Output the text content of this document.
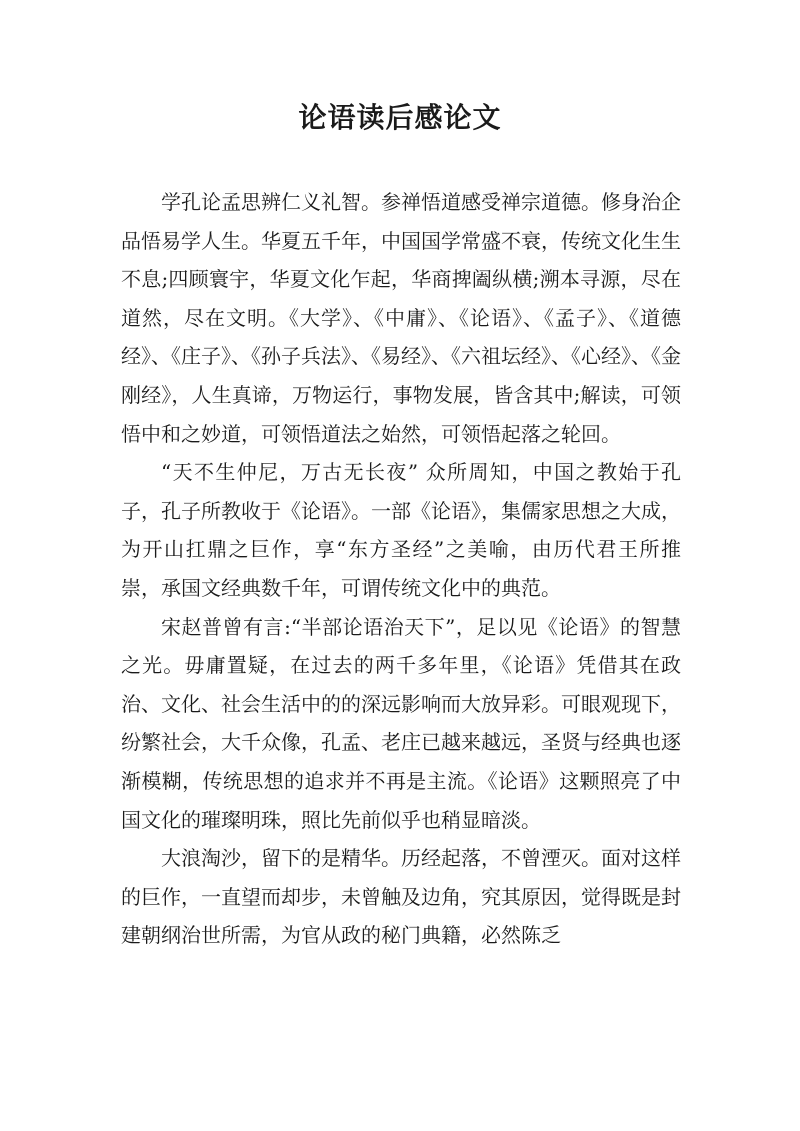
论语读后感论文

学孔论孟思辨仁义礼智。参禅悟道感受禅宗道德。修身治企品悟易学人生。华夏五千年，中国国学常盛不衰，传统文化生生不息;四顾寰宇，华夏文化乍起，华商捭阖纵横;溯本寻源，尽在道然，尽在文明。《大学》、《中庸》、《论语》、《孟子》、《道德经》、《庄子》、《孙子兵法》、《易经》、《六祖坛经》、《心经》、《金刚经》，人生真谛，万物运行，事物发展，皆含其中;解读，可领悟中和之妙道，可领悟道法之始然，可领悟起落之轮回。

“天不生仲尼，万古无长夜” 众所周知，中国之教始于孔子，孔子所教收于《论语》。一部《论语》，集儒家思想之大成，为开山扛鼎之巨作，享“东方圣经”之美喻，由历代君王所推崇，承国文经典数千年，可谓传统文化中的典范。

宋赵普曾有言:“半部论语治天下”，足以见《论语》的智慧之光。毋庸置疑，在过去的两千多年里，《论语》凭借其在政治、文化、社会生活中的的深远影响而大放异彩。可眼观现下，纷繁社会，大千众像，孔孟、老庄已越来越远，圣贤与经典也逐渐模糊，传统思想的追求并不再是主流。《论语》这颗照亮了中国文化的璀璨明珠，照比先前似乎也稍显暗淡。

大浪淘沙，留下的是精华。历经起落，不曾湮灭。面对这样的巨作，一直望而却步，未曾触及边角，究其原因，觉得既是封建朝纲治世所需，为官从政的秘门典籍，必然陈乏
